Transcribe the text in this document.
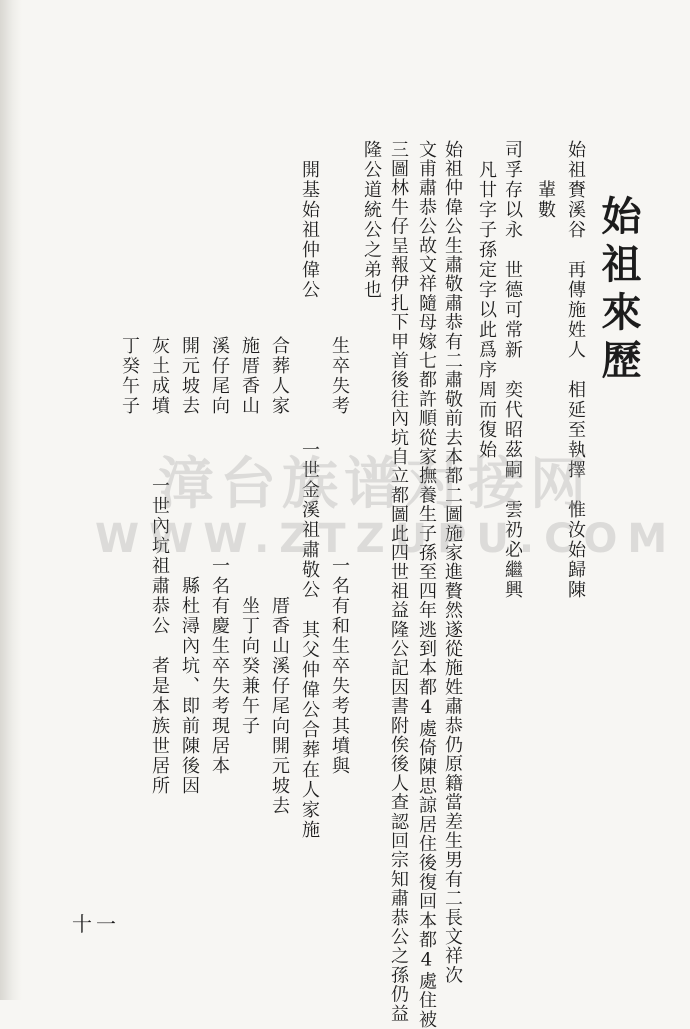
始祖來歷
始祖賚溪谷　再傳施姓人　相延至執擇　惟汝始歸陳
　　輩數
司孚存以永　世德可常新　奕代昭茲嗣　雲礽必繼興
　凡廿字子孫定字以此爲序周而復始
始祖仲偉公生肅敬肅恭有二肅敬前去本都二圖施家進贅然遂從施姓肅恭仍原籍當差生男有二長文祥次
文甫肅恭公故文祥隨母嫁七都許順從家撫養生子孫至四年逃到本都4處倚陳思諒居住後復回本都4處住被
三圖林牛仔呈報伊扎下甲首後往內坑自立都圖此四世祖益隆公記因書附俟後人查認回宗知肅恭公之孫仍益
隆公道統公之弟也
　　生卒失考　　　　　　　一名有和生卒失考其墳與
開基始祖仲偉公　　　　　　　一世金溪祖肅敬公　其父仲偉公合葬在人家施
　　合葬人家　　　　　　　　　厝香山溪仔尾向開元坡去
　　施厝香山　　　　　　　　　坐丁向癸兼午子
　　溪仔尾向　　　　　　　一名有慶生卒失考現居本
　　開元坡去　　　　　　　　縣杜潯內坑、即前陳後因
　　灰土成墳　　　一世內坑祖肅恭公　者是本族世居所
　　丁癸午子
漳台族谱对接网
WWW.ZTZUPU.COM
十一
